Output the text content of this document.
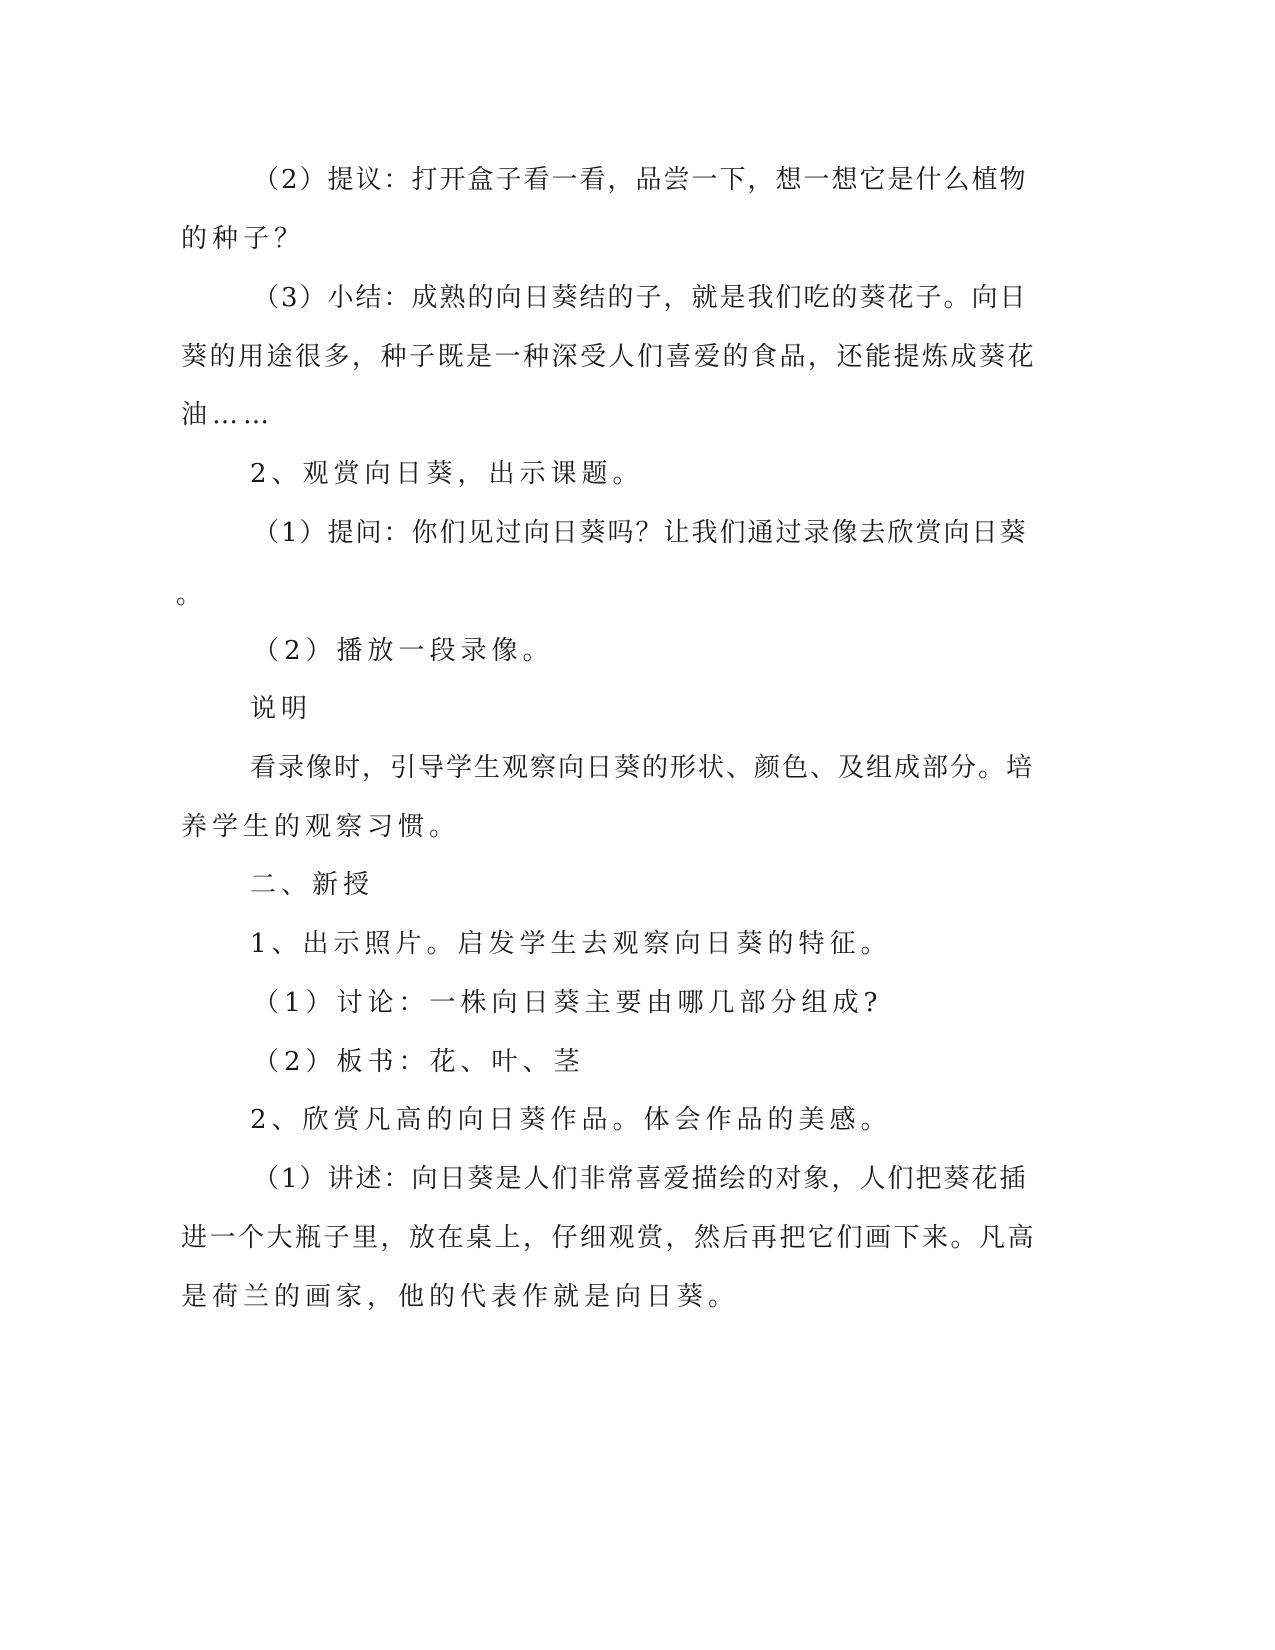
（2）提议：打开盒子看一看，品尝一下，想一想它是什么植物

的种子？

（3）小结：成熟的向日葵结的子，就是我们吃的葵花子。向日

葵的用途很多，种子既是一种深受人们喜爱的食品，还能提炼成葵花

油……

2、观赏向日葵，出示课题。

（1）提问：你们见过向日葵吗？让我们通过录像去欣赏向日葵

。

（2）播放一段录像。

说明

看录像时，引导学生观察向日葵的形状、颜色、及组成部分。培

养学生的观察习惯。

二、新授

1、出示照片。启发学生去观察向日葵的特征。

（1）讨论：一株向日葵主要由哪几部分组成?

（2）板书：花、叶、茎

2、欣赏凡高的向日葵作品。体会作品的美感。

（1）讲述：向日葵是人们非常喜爱描绘的对象，人们把葵花插

进一个大瓶子里，放在桌上，仔细观赏，然后再把它们画下来。凡高

是荷兰的画家，他的代表作就是向日葵。
